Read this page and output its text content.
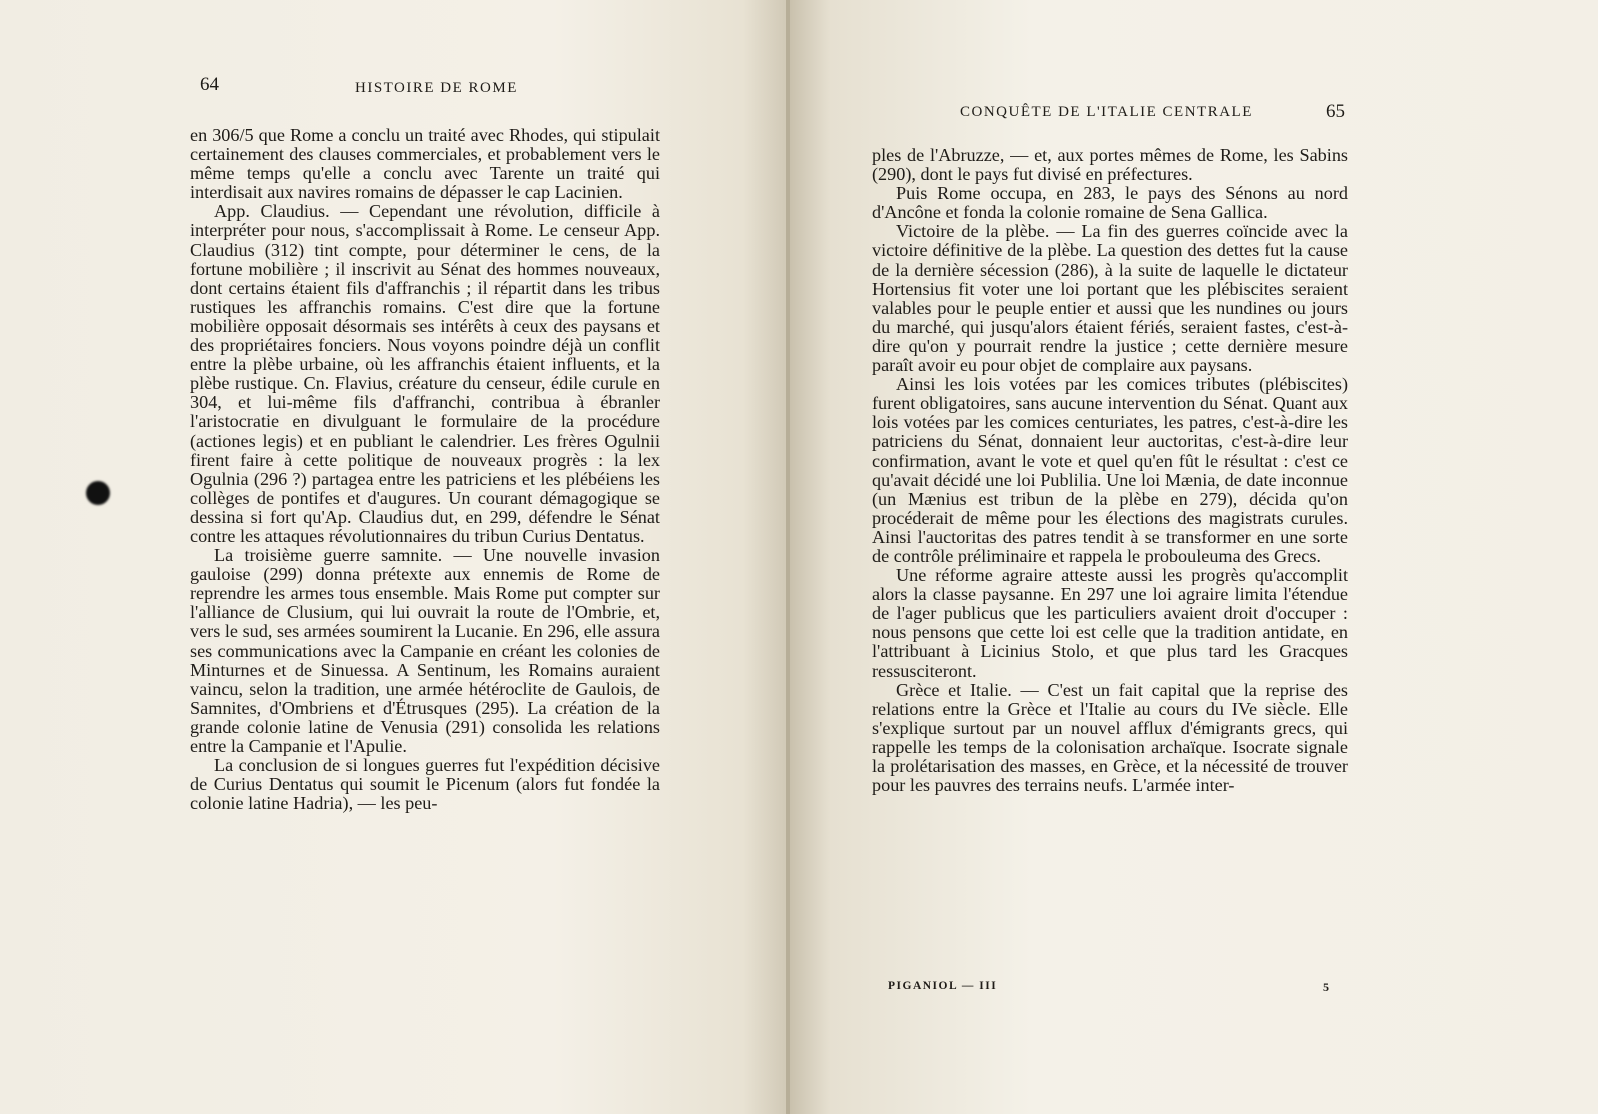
64	HISTOIRE DE ROME

en 306/5 que Rome a conclu un traité avec Rhodes, qui stipulait certainement des clauses commerciales, et probablement vers le même temps qu'elle a conclu avec Tarente un traité qui interdisait aux navires romains de dépasser le cap Lacinien.

App. Claudius. — Cependant une révolution, difficile à interpréter pour nous, s'accomplissait à Rome. Le censeur App. Claudius (312) tint compte, pour déterminer le cens, de la fortune mobilière ; il inscrivit au Sénat des hommes nouveaux, dont certains étaient fils d'affranchis ; il répartit dans les tribus rustiques les affranchis romains. C'est dire que la fortune mobilière opposait désormais ses intérêts à ceux des paysans et des propriétaires fonciers. Nous voyons poindre déjà un conflit entre la plèbe urbaine, où les affranchis étaient influents, et la plèbe rustique. Cn. Flavius, créature du censeur, édile curule en 304, et lui-même fils d'affranchi, contribua à ébranler l'aristocratie en divulguant le formulaire de la procédure (actiones legis) et en publiant le calendrier. Les frères Ogulnii firent faire à cette politique de nouveaux progrès : la lex Ogulnia (296 ?) partagea entre les patriciens et les plébéiens les collèges de pontifes et d'augures. Un courant démagogique se dessina si fort qu'Ap. Claudius dut, en 299, défendre le Sénat contre les attaques révolutionnaires du tribun Curius Dentatus.

La troisième guerre samnite. — Une nouvelle invasion gauloise (299) donna prétexte aux ennemis de Rome de reprendre les armes tous ensemble. Mais Rome put compter sur l'alliance de Clusium, qui lui ouvrait la route de l'Ombrie, et, vers le sud, ses armées soumirent la Lucanie. En 296, elle assura ses communications avec la Campanie en créant les colonies de Minturnes et de Sinuessa. A Sentinum, les Romains auraient vaincu, selon la tradition, une armée hétéroclite de Gaulois, de Samnites, d'Ombriens et d'Étrusques (295). La création de la grande colonie latine de Venusia (291) consolida les relations entre la Campanie et l'Apulie.

La conclusion de si longues guerres fut l'expédition décisive de Curius Dentatus qui soumit le Picenum (alors fut fondée la colonie latine Hadria), — les peu-

CONQUÊTE DE L'ITALIE CENTRALE	65

ples de l'Abruzze, — et, aux portes mêmes de Rome, les Sabins (290), dont le pays fut divisé en préfectures.

Puis Rome occupa, en 283, le pays des Sénons au nord d'Ancône et fonda la colonie romaine de Sena Gallica.

Victoire de la plèbe. — La fin des guerres coïncide avec la victoire définitive de la plèbe. La question des dettes fut la cause de la dernière sécession (286), à la suite de laquelle le dictateur Hortensius fit voter une loi portant que les plébiscites seraient valables pour le peuple entier et aussi que les nundines ou jours du marché, qui jusqu'alors étaient fériés, seraient fastes, c'est-à-dire qu'on y pourrait rendre la justice ; cette dernière mesure paraît avoir eu pour objet de complaire aux paysans.

Ainsi les lois votées par les comices tributes (plébiscites) furent obligatoires, sans aucune intervention du Sénat. Quant aux lois votées par les comices centuriates, les patres, c'est-à-dire les patriciens du Sénat, donnaient leur auctoritas, c'est-à-dire leur confirmation, avant le vote et quel qu'en fût le résultat : c'est ce qu'avait décidé une loi Publilia. Une loi Mænia, de date inconnue (un Mænius est tribun de la plèbe en 279), décida qu'on procéderait de même pour les élections des magistrats curules. Ainsi l'auctoritas des patres tendit à se transformer en une sorte de contrôle préliminaire et rappela le probouleuma des Grecs.

Une réforme agraire atteste aussi les progrès qu'accomplit alors la classe paysanne. En 297 une loi agraire limita l'étendue de l'ager publicus que les particuliers avaient droit d'occuper : nous pensons que cette loi est celle que la tradition antidate, en l'attribuant à Licinius Stolo, et que plus tard les Gracques ressusciteront.

Grèce et Italie. — C'est un fait capital que la reprise des relations entre la Grèce et l'Italie au cours du IVe siècle. Elle s'explique surtout par un nouvel afflux d'émigrants grecs, qui rappelle les temps de la colonisation archaïque. Isocrate signale la prolétarisation des masses, en Grèce, et la nécessité de trouver pour les pauvres des terrains neufs. L'armée inter-

PIGANIOL — III	5
